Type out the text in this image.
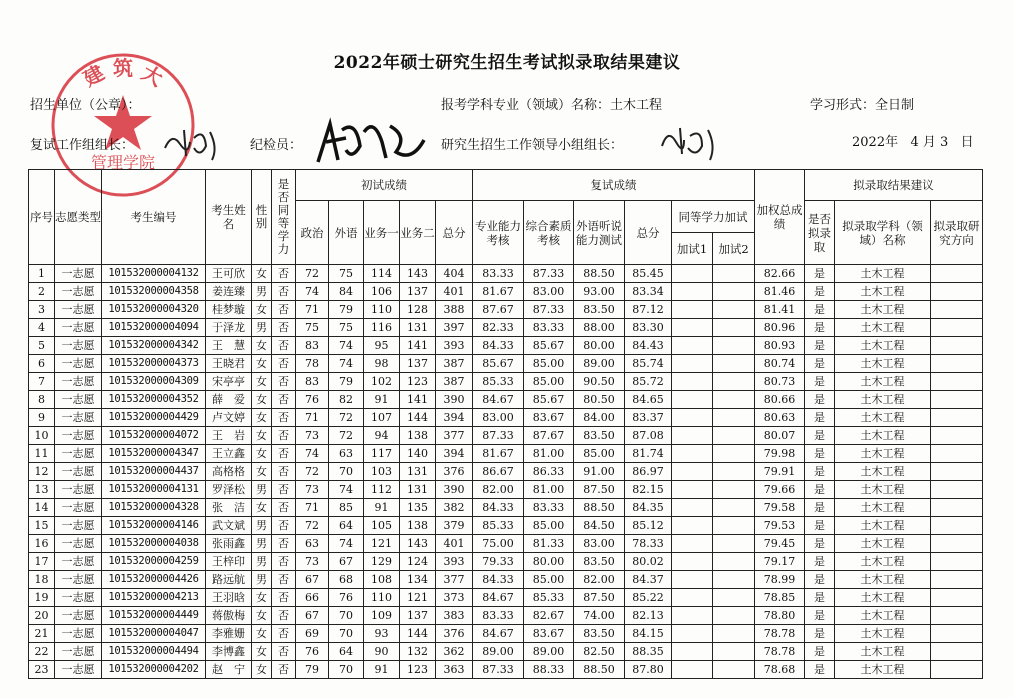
建 筑 大
管理学院
2022年硕士研究生招生考试拟录取结果建议
招生单位（公章）：	报考学科专业（领域）名称：土木工程	学习形式：全日制
复试工作组组长：	纪检员：	研究生招生工作领导小组组长：	2022年   4 月 3   日
序号	志愿类型	考生编号	考生姓名	性别	是否同等学力	初试成绩					复试成绩						加权总成绩	拟录取结果建议		
						政治	外语	业务一	业务二	总分	专业能力考核	综合素质考核	外语听说能力测试	总分	同等学力加试			是否拟录取	拟录取学科（领域）名称	拟录取研究方向
															加试1	加试2				
1	一志愿	101532000004132	王可欣	女	否	72	75	114	143	404	83.33	87.33	88.50	85.45			82.66	是	土木工程	
2	一志愿	101532000004358	姜连臻	男	否	74	84	106	137	401	81.67	83.00	93.00	83.34			81.46	是	土木工程	
3	一志愿	101532000004320	桂梦璇	女	否	71	79	110	128	388	87.67	87.33	83.50	87.12			81.41	是	土木工程	
4	一志愿	101532000004094	于泽龙	男	否	75	75	116	131	397	82.33	83.33	88.00	83.30			80.96	是	土木工程	
5	一志愿	101532000004342	王　慧	女	否	83	74	95	141	393	84.33	85.67	80.00	84.43			80.93	是	土木工程	
6	一志愿	101532000004373	王晓君	女	否	78	74	98	137	387	85.67	85.00	89.00	85.74			80.74	是	土木工程	
7	一志愿	101532000004309	宋亭亭	女	否	83	79	102	123	387	85.33	85.00	90.50	85.72			80.73	是	土木工程	
8	一志愿	101532000004352	薛　爱	女	否	76	82	91	141	390	84.67	85.67	80.50	84.65			80.66	是	土木工程	
9	一志愿	101532000004429	卢文婷	女	否	71	72	107	144	394	83.00	83.67	84.00	83.37			80.63	是	土木工程	
10	一志愿	101532000004072	王　岩	女	否	73	72	94	138	377	87.33	87.67	83.50	87.08			80.07	是	土木工程	
11	一志愿	101532000004347	王立鑫	女	否	74	63	117	140	394	81.67	81.00	85.00	81.74			79.98	是	土木工程	
12	一志愿	101532000004437	高格格	女	否	72	70	103	131	376	86.67	86.33	91.00	86.97			79.91	是	土木工程	
13	一志愿	101532000004131	罗泽松	男	否	73	74	112	131	390	82.00	81.00	87.50	82.15			79.66	是	土木工程	
14	一志愿	101532000004328	张　洁	女	否	71	85	91	135	382	84.33	83.33	88.50	84.35			79.58	是	土木工程	
15	一志愿	101532000004146	武文斌	男	否	72	64	105	138	379	85.33	85.00	84.50	85.12			79.53	是	土木工程	
16	一志愿	101532000004038	张雨鑫	男	否	63	74	121	143	401	75.00	81.33	83.00	78.33			79.45	是	土木工程	
17	一志愿	101532000004259	王梓印	男	否	73	67	129	124	393	79.33	80.00	83.50	80.02			79.17	是	土木工程	
18	一志愿	101532000004426	路远航	男	否	67	68	108	134	377	84.33	85.00	82.00	84.37			78.99	是	土木工程	
19	一志愿	101532000004213	王羽晗	女	否	66	76	110	121	373	84.67	85.33	87.50	85.22			78.85	是	土木工程	
20	一志愿	101532000004449	蒋傲梅	女	否	67	70	109	137	383	83.33	82.67	74.00	82.13			78.80	是	土木工程	
21	一志愿	101532000004047	李雅姗	女	否	69	70	93	144	376	84.67	83.67	83.50	84.15			78.78	是	土木工程	
22	一志愿	101532000004494	李博鑫	女	否	76	64	90	132	362	89.00	89.00	82.50	88.35			78.78	是	土木工程	
23	一志愿	101532000004202	赵　宁	女	否	79	70	91	123	363	87.33	88.33	88.50	87.80			78.68	是	土木工程	
